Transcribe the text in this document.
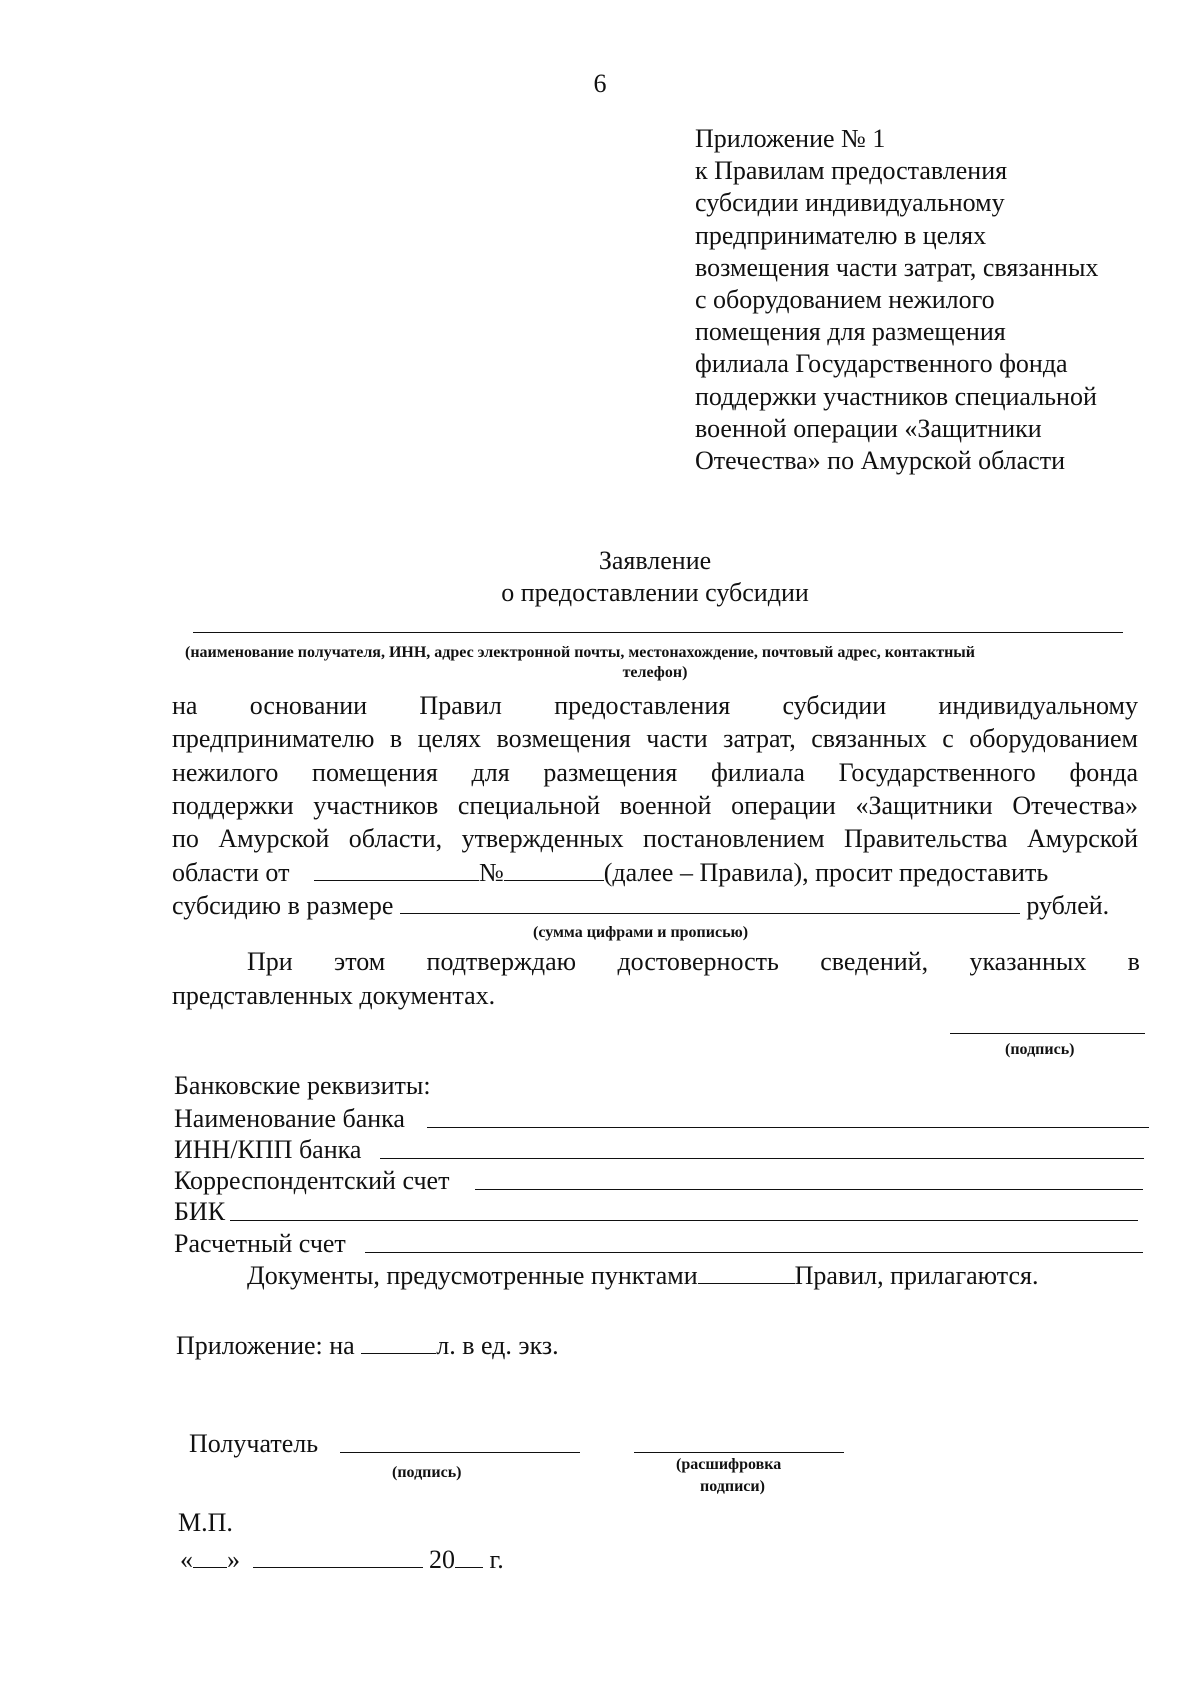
6
Приложение № 1
к Правилам предоставления
субсидии индивидуальному
предпринимателю в целях
возмещения части затрат, связанных
с оборудованием нежилого
помещения для размещения
филиала Государственного фонда
поддержки участников специальной
военной операции «Защитники
Отечества» по Амурской области
Заявление
о предоставлении субсидии
(наименование получателя, ИНН, адрес электронной почты, местонахождение, почтовый адрес, контактный
телефон)
на основании Правил предоставления субсидии индивидуальному
предпринимателю в целях возмещения части затрат, связанных с оборудованием
нежилого помещения для размещения филиала Государственного фонда
поддержки участников специальной военной операции «Защитники Отечества»
по Амурской области, утвержденных постановлением Правительства Амурской
области от	№	(далее – Правила), просит предоставить
субсидию в размере	рублей.
(сумма цифрами и прописью)
При этом подтверждаю достоверность сведений, указанных в
представленных документах.
(подпись)
Банковские реквизиты:
Наименование банка
ИНН/КПП банка
Корреспондентский счет
БИК
Расчетный счет
Документы, предусмотренные пунктами	Правил, прилагаются.
Приложение: на	л. в ед. экз.
Получатель
(подпись)	(расшифровка
подписи)
М.П.
« »	20 г.
